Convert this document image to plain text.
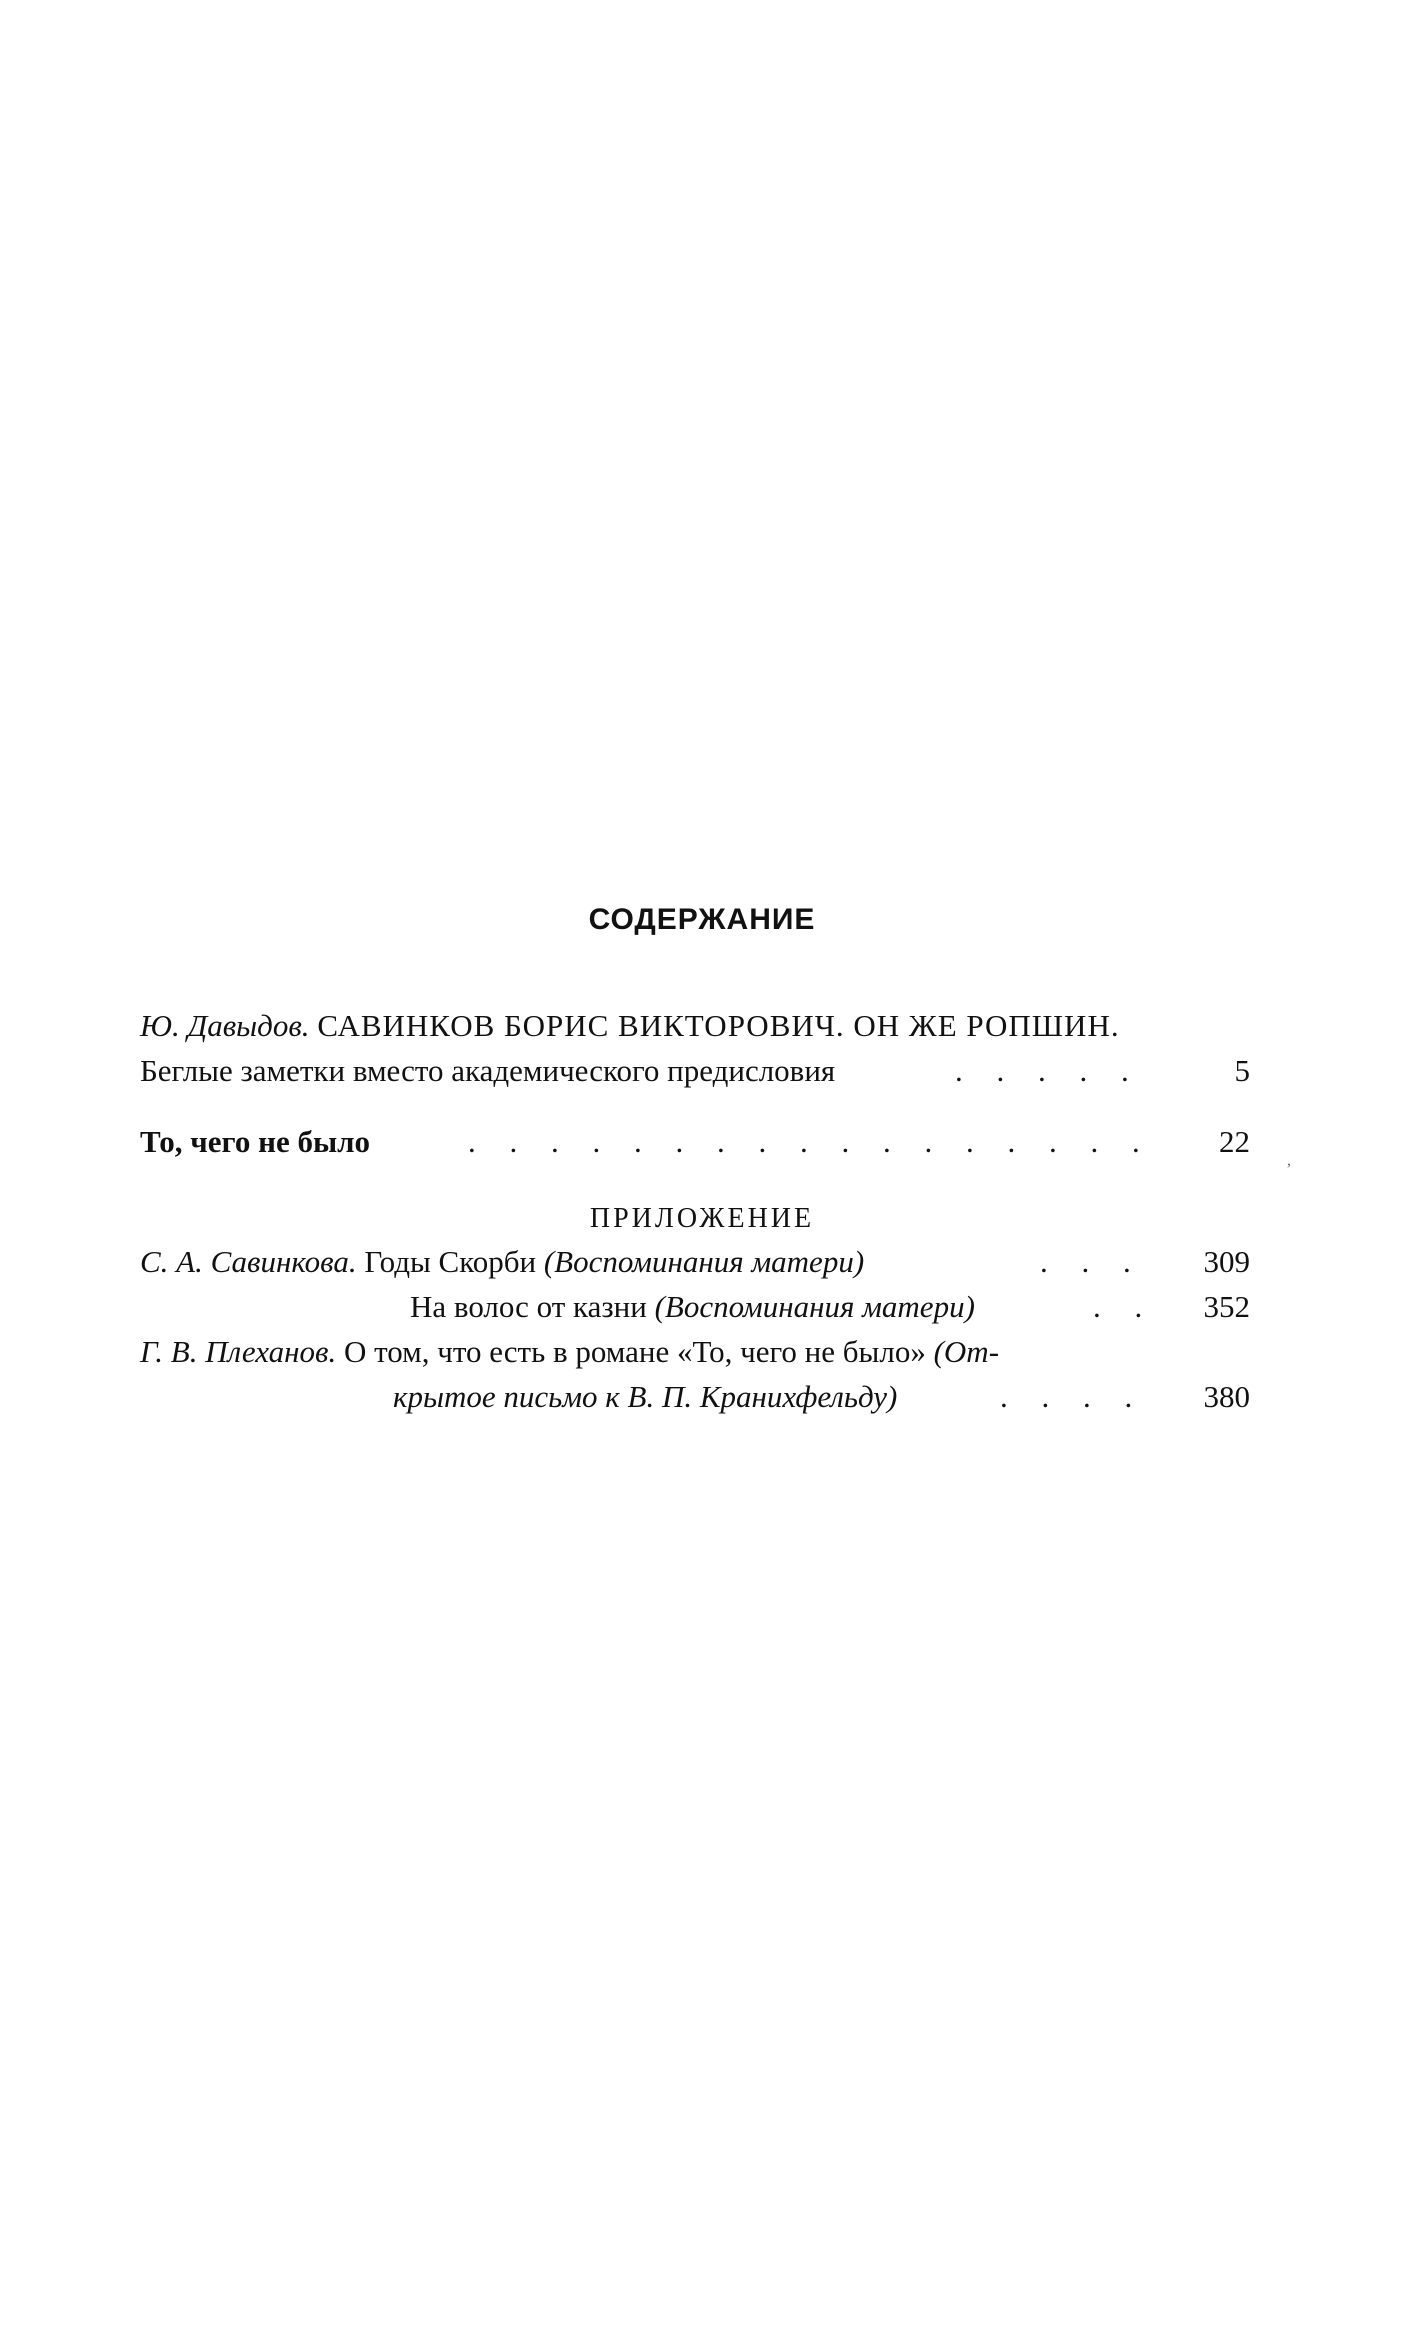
СОДЕРЖАНИЕ
Ю. Давыдов. САВИНКОВ БОРИС ВИКТОРОВИЧ. ОН ЖЕ РОПШИН.
Беглые заметки вместо академического предисловия	. . . . .	5
То, чего не было	. . . . . . . . . . . . . . . . .	22
,
ПРИЛОЖЕНИЕ
С. А. Савинкова. Годы Скорби (Воспоминания матери)	. . .	309
На волос от казни (Воспоминания матери)	. .	352
Г. В. Плеханов. О том, что есть в романе «То, чего не было» (От-
крытое письмо к В. П. Кранихфельду)	. . . .	380
